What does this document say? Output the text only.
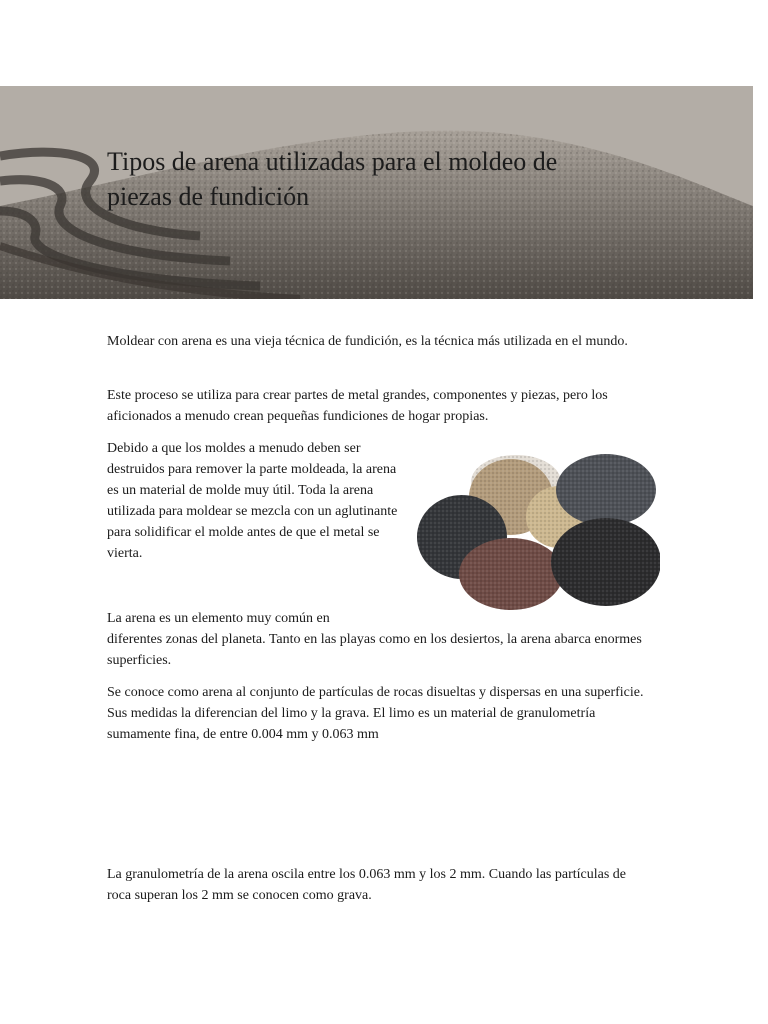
Tipos de arena utilizadas para el moldeo de piezas de fundición

Moldear con arena es una vieja técnica de fundición, es la técnica más utilizada en el mundo.

Este proceso se utiliza para crear partes de metal grandes, componentes y piezas, pero los aficionados a menudo crean pequeñas fundiciones de hogar propias.

Debido a que los moldes a menudo deben ser destruidos para remover la parte moldeada, la arena es un material de molde muy útil. Toda la arena utilizada para moldear se mezcla con un aglutinante para solidificar el molde antes de que el metal se vierta.

La arena es un elemento muy común en
diferentes zonas del planeta. Tanto en las playas como en los desiertos, la arena abarca enormes superficies.

Se conoce como arena al conjunto de partículas de rocas disueltas y dispersas en una superficie. Sus medidas la diferencian del limo y la grava. El limo es un material de granulometría sumamente fina, de entre 0.004 mm y 0.063 mm

La granulometría de la arena oscila entre los 0.063 mm y los 2 mm. Cuando las partículas de roca superan los 2 mm se conocen como grava.
